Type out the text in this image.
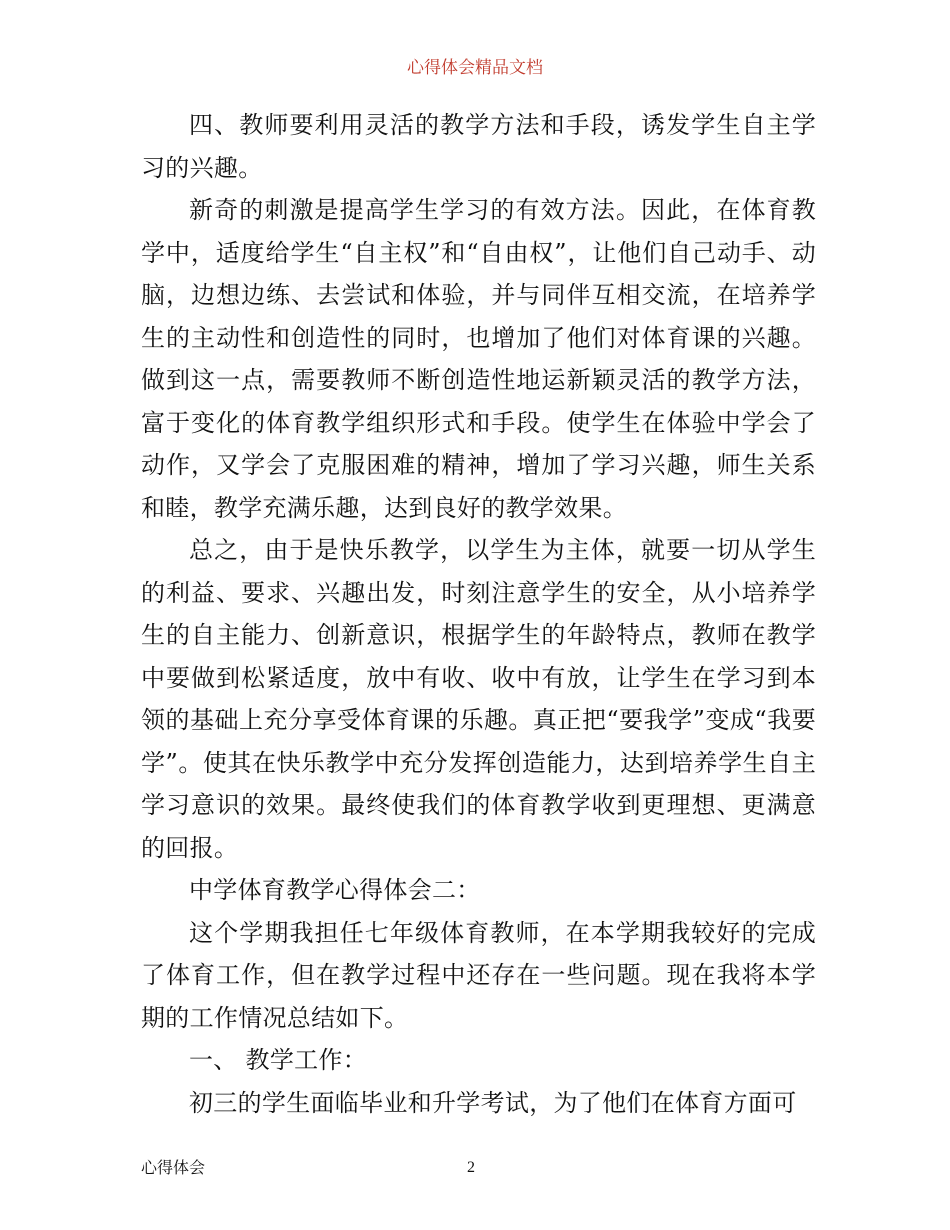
心得体会精品文档

四、教师要利用灵活的教学方法和手段，诱发学生自主学习的兴趣。

新奇的刺激是提高学生学习的有效方法。因此，在体育教学中，适度给学生“自主权”和“自由权”，让他们自己动手、动脑，边想边练、去尝试和体验，并与同伴互相交流，在培养学生的主动性和创造性的同时，也增加了他们对体育课的兴趣。做到这一点，需要教师不断创造性地运新颖灵活的教学方法，富于变化的体育教学组织形式和手段。使学生在体验中学会了动作，又学会了克服困难的精神，增加了学习兴趣，师生关系和睦，教学充满乐趣，达到良好的教学效果。

总之，由于是快乐教学，以学生为主体，就要一切从学生的利益、要求、兴趣出发，时刻注意学生的安全，从小培养学生的自主能力、创新意识，根据学生的年龄特点，教师在教学中要做到松紧适度，放中有收、收中有放，让学生在学习到本领的基础上充分享受体育课的乐趣。真正把“要我学”变成“我要学”。使其在快乐教学中充分发挥创造能力，达到培养学生自主学习意识的效果。最终使我们的体育教学收到更理想、更满意的回报。

中学体育教学心得体会二：

这个学期我担任七年级体育教师，在本学期我较好的完成了体育工作，但在教学过程中还存在一些问题。现在我将本学期的工作情况总结如下。

一、 教学工作：

初三的学生面临毕业和升学考试，为了他们在体育方面可

心得体会	2
